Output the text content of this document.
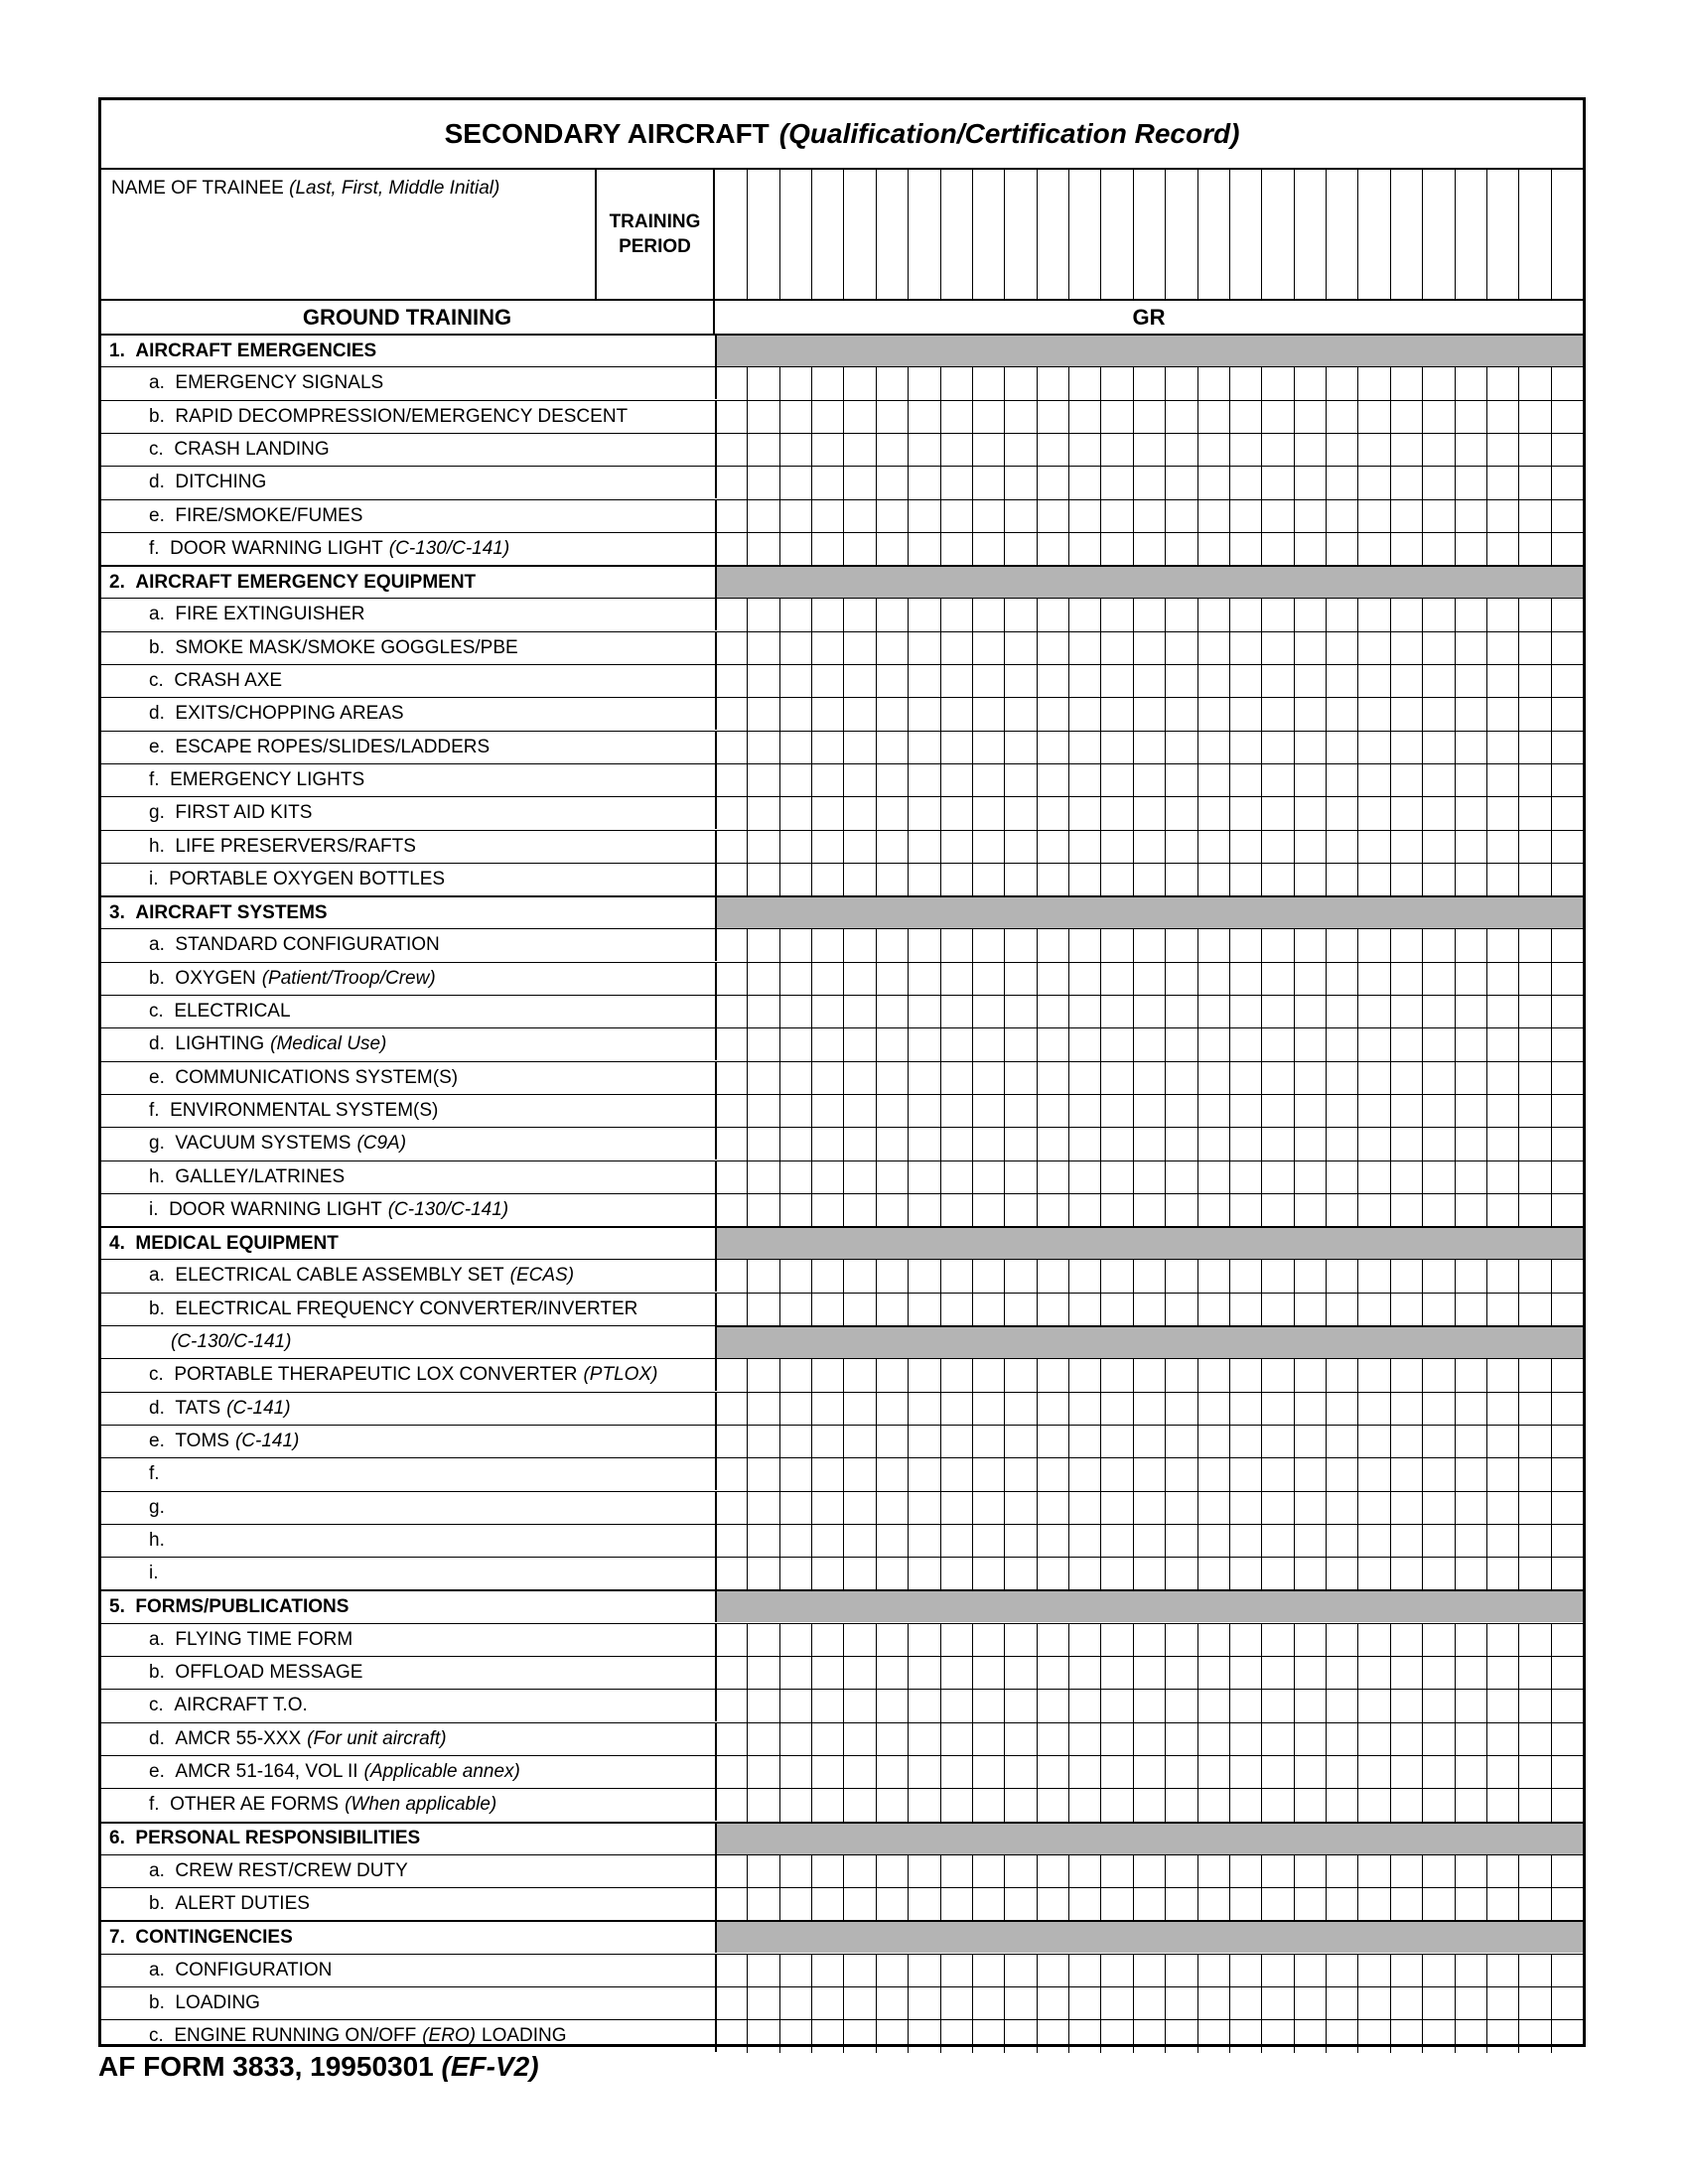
SECONDARY AIRCRAFT (Qualification/Certification Record)
NAME OF TRAINEE (Last, First, Middle Initial)
TRAINING
PERIOD
GROUND TRAINING	GR
1.
AIRCRAFT EMERGENCIES
a.
EMERGENCY SIGNALS
b.
RAPID DECOMPRESSION/EMERGENCY DESCENT
c.
CRASH LANDING
d.
DITCHING
e.
FIRE/SMOKE/FUMES
f.
DOOR WARNING LIGHT (C-130/C-141)
2.
AIRCRAFT EMERGENCY EQUIPMENT
a.
FIRE EXTINGUISHER
b.
SMOKE MASK/SMOKE GOGGLES/PBE
c.
CRASH AXE
d.
EXITS/CHOPPING AREAS
e.
ESCAPE ROPES/SLIDES/LADDERS
f.
EMERGENCY LIGHTS
g.
FIRST AID KITS
h.
LIFE PRESERVERS/RAFTS
i.
PORTABLE OXYGEN BOTTLES
3.
AIRCRAFT SYSTEMS
a.
STANDARD CONFIGURATION
b.
OXYGEN (Patient/Troop/Crew)
c.
ELECTRICAL
d.
LIGHTING (Medical Use)
e.
COMMUNICATIONS SYSTEM(S)
f.
ENVIRONMENTAL SYSTEM(S)
g.
VACUUM SYSTEMS (C9A)
h.
GALLEY/LATRINES
i.
DOOR WARNING LIGHT (C-130/C-141)
4.
MEDICAL EQUIPMENT
a.
ELECTRICAL CABLE ASSEMBLY SET (ECAS)
b.
ELECTRICAL FREQUENCY CONVERTER/INVERTER
(C-130/C-141)
c.
PORTABLE THERAPEUTIC LOX CONVERTER (PTLOX)
d.
TATS (C-141)
e.
TOMS (C-141)
f.

g.

h.

i.

5.
FORMS/PUBLICATIONS
a.
FLYING TIME FORM
b.
OFFLOAD MESSAGE
c.
AIRCRAFT T.O.
d.
AMCR 55-XXX (For unit aircraft)
e.
AMCR 51-164, VOL II (Applicable annex)
f.
OTHER AE FORMS (When applicable)
6.
PERSONAL RESPONSIBILITIES
a.
CREW REST/CREW DUTY
b.
ALERT DUTIES
7.
CONTINGENCIES
a.
CONFIGURATION
b.
LOADING
c.
ENGINE RUNNING ON/OFF (ERO) LOADING
AF FORM 3833, 19950301 (EF-V2)
